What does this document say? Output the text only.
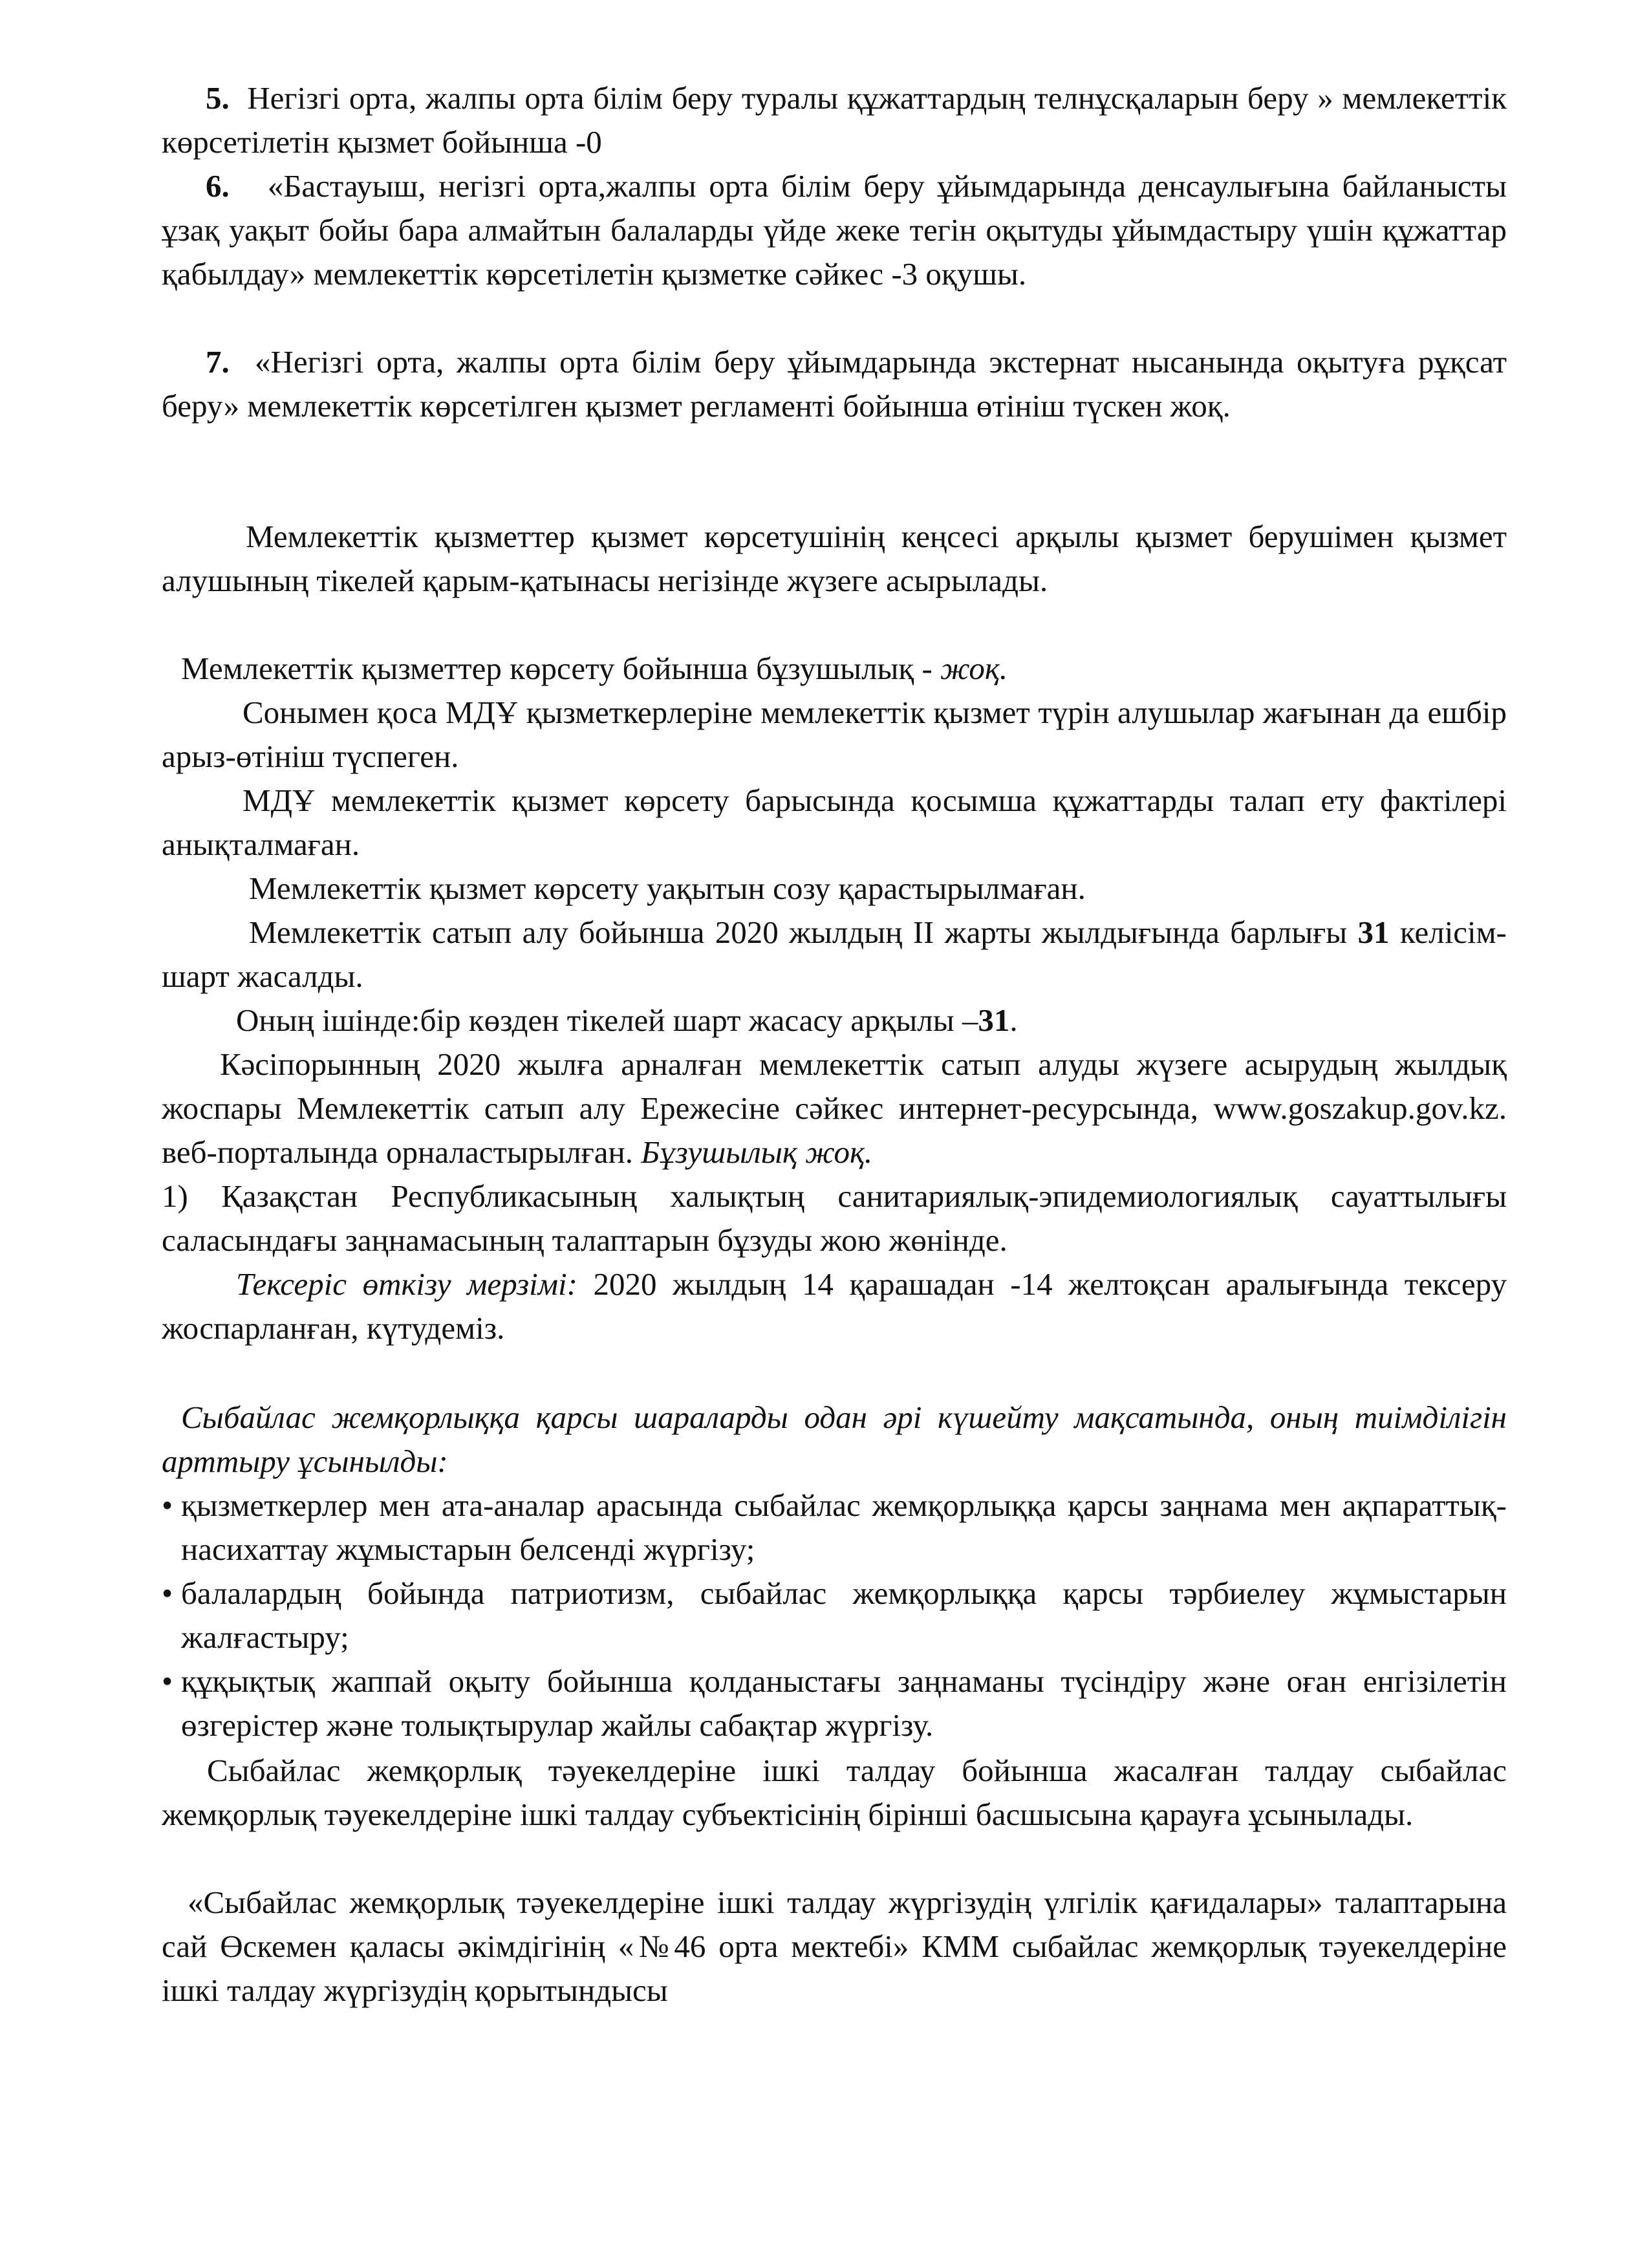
5. Негізгі орта, жалпы орта білім беру туралы құжаттардың телнұсқаларын беру » мемлекеттік көрсетілетін қызмет бойынша -0

6. «Бастауыш, негізгі орта,жалпы орта білім беру ұйымдарында денсаулығына байланысты ұзақ уақыт бойы бара алмайтын балаларды үйде жеке тегін оқытуды ұйымдастыру үшін құжаттар қабылдау» мемлекеттік көрсетілетін қызметке сәйкес -3 оқушы.

7. «Негізгі орта, жалпы орта білім беру ұйымдарында экстернат нысанында оқытуға рұқсат беру» мемлекеттік көрсетілген қызмет регламенті бойынша өтініш түскен жоқ.

Мемлекеттік қызметтер қызмет көрсетушінің кеңсесі арқылы қызмет берушімен қызмет алушының тікелей қарым-қатынасы негізінде жүзеге асырылады.

Мемлекеттік қызметтер көрсету бойынша бұзушылық - жоқ.

Сонымен қоса МДҰ қызметкерлеріне мемлекеттік қызмет түрін алушылар жағынан да ешбір арыз-өтініш түспеген.

МДҰ мемлекеттік қызмет көрсету барысында қосымша құжаттарды талап ету фактілері анықталмаған.

Мемлекеттік қызмет көрсету уақытын созу қарастырылмаған.

Мемлекеттік сатып алу бойынша 2020 жылдың II жарты жылдығында барлығы 31 келісім-шарт жасалды.

Оның ішінде:бір көзден тікелей шарт жасасу арқылы –31.

Кәсіпорынның 2020 жылға арналған мемлекеттік сатып алуды жүзеге асырудың жылдық жоспары Мемлекеттік сатып алу Ережесіне сәйкес интернет-ресурсында, www.goszakup.gov.kz. веб-порталында орналастырылған. Бұзушылық жоқ.

1) Қазақстан Республикасының халықтың санитариялық-эпидемиологиялық сауаттылығы саласындағы заңнамасының талаптарын бұзуды жою жөнінде.

Тексеріс өткізу мерзімі: 2020 жылдың 14 қарашадан -14 желтоқсан аралығында тексеру жоспарланған, күтудеміз.

Сыбайлас жемқорлыққа қарсы шараларды одан әрі күшейту мақсатында, оның тиімділігін арттыру ұсынылды:

•
қызметкерлер мен ата-аналар арасында сыбайлас жемқорлыққа қарсы заңнама мен ақпараттық-насихаттау жұмыстарын белсенді жүргізу;
•
балалардың бойында патриотизм, сыбайлас жемқорлыққа қарсы тәрбиелеу жұмыстарын жалғастыру;
•
құқықтық жаппай оқыту бойынша қолданыстағы заңнаманы түсіндіру және оған енгізілетін өзгерістер және толықтырулар жайлы сабақтар жүргізу.

Сыбайлас жемқорлық тәуекелдеріне ішкі талдау бойынша жасалған талдау сыбайлас жемқорлық тәуекелдеріне ішкі талдау субъектісінің бірінші басшысына қарауға ұсынылады.

«Сыбайлас жемқорлық тәуекелдеріне ішкі талдау жүргізудің үлгілік қағидалары» талаптарына сай Өскемен қаласы әкімдігінің «№46 орта мектебі» КММ сыбайлас жемқорлық тәуекелдеріне ішкі талдау жүргізудің қорытындысы
